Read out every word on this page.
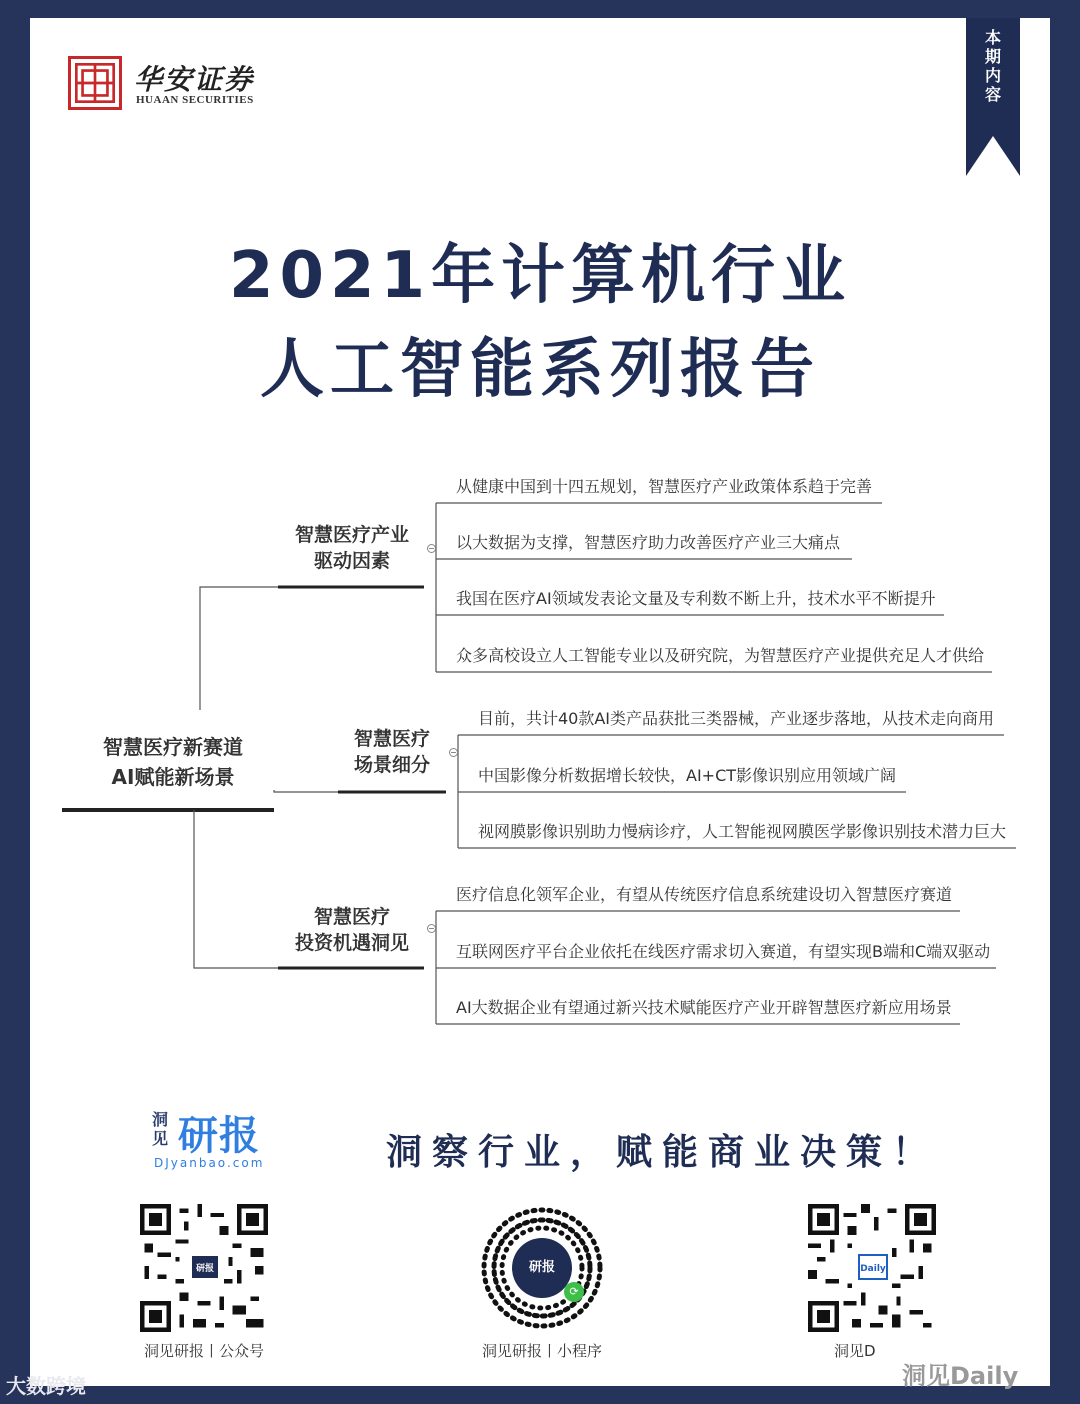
华安证券
HUAAN SECURITIES
本
期
内
容
2021年计算机行业
人工智能系列报告
智慧医疗新赛道
AI赋能新场景
智慧医疗产业
驱动因素
智慧医疗
场景细分
智慧医疗
投资机遇洞见
从健康中国到十四五规划，智慧医疗产业政策体系趋于完善
以大数据为支撑，智慧医疗助力改善医疗产业三大痛点
我国在医疗AI领域发表论文量及专利数不断上升，技术水平不断提升
众多高校设立人工智能专业以及研究院，为智慧医疗产业提供充足人才供给
目前，共计40款AI类产品获批三类器械，产业逐步落地，从技术走向商用
中国影像分析数据增长较快，AI+CT影像识别应用领域广阔
视网膜影像识别助力慢病诊疗，人工智能视网膜医学影像识别技术潜力巨大
医疗信息化领军企业，有望从传统医疗信息系统建设切入智慧医疗赛道
互联网医疗平台企业依托在线医疗需求切入赛道，有望实现B端和C端双驱动
AI大数据企业有望通过新兴技术赋能医疗产业开辟智慧医疗新应用场景
洞见 研报
DJyanbao.com	洞察行业，赋能商业决策！
研报
洞见研报丨公众号
研报
⟳
洞见研报丨小程序
Daily
洞见D
洞见Daily
大数跨境
